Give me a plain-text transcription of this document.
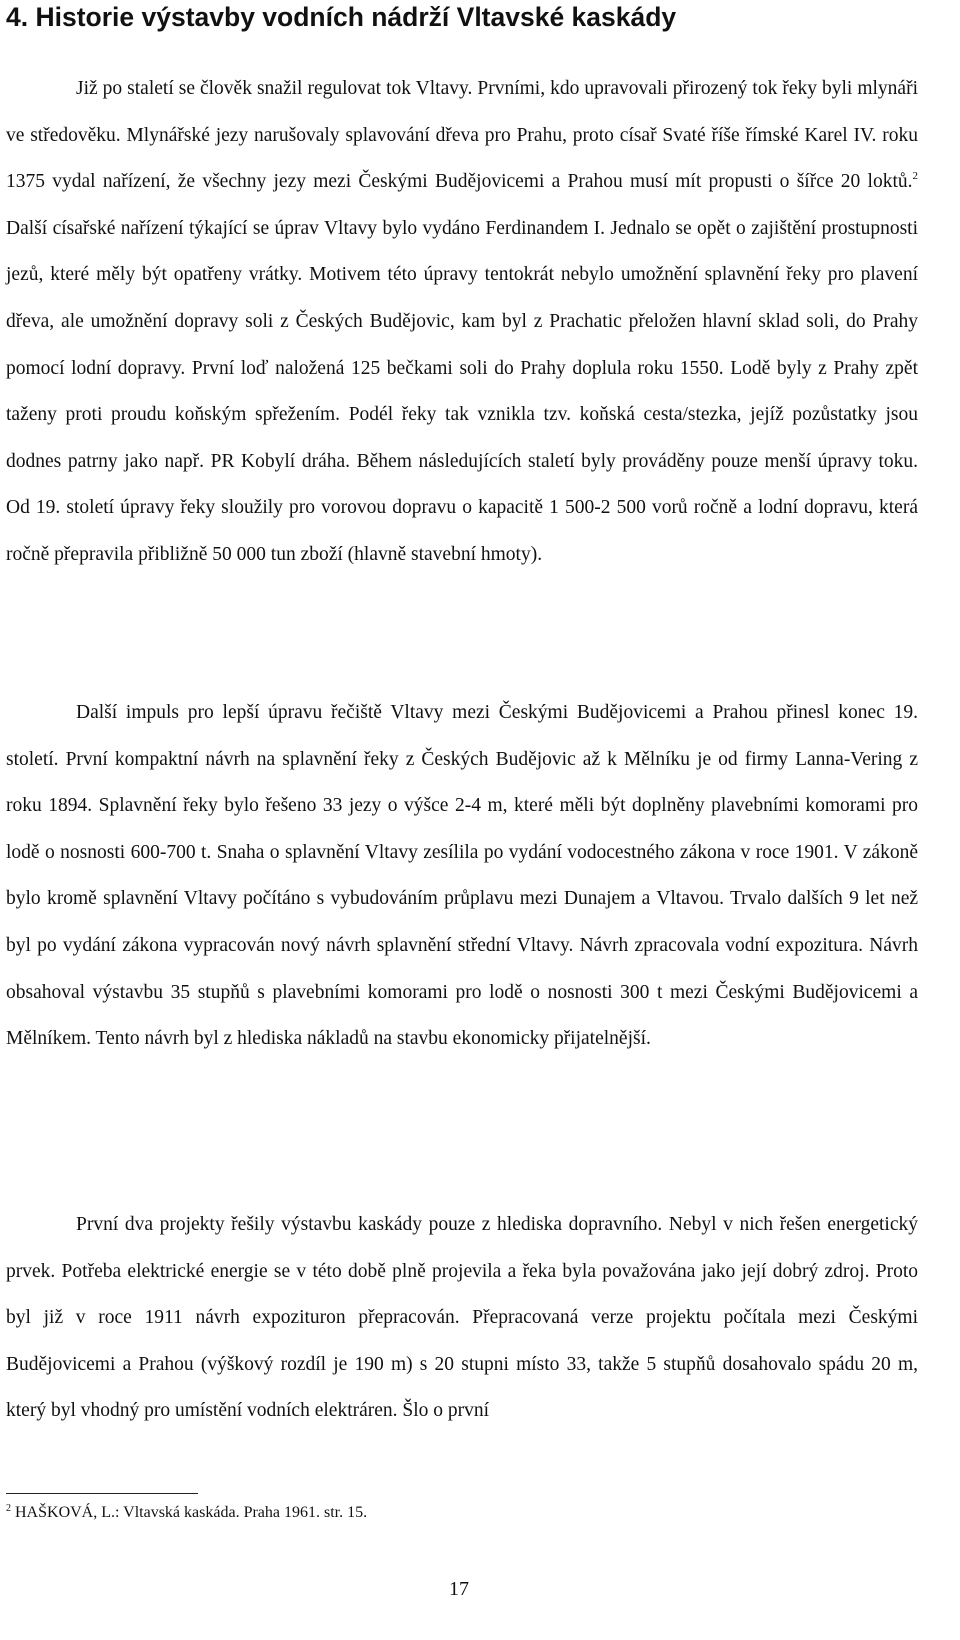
4. Historie výstavby vodních nádrží Vltavské kaskády

Již po staletí se člověk snažil regulovat tok Vltavy. Prvními, kdo upravovali přirozený tok řeky byli mlynáři ve středověku. Mlynářské jezy narušovaly splavování dřeva pro Prahu, proto císař Svaté říše římské Karel IV. roku 1375 vydal nařízení, že všechny jezy mezi Českými Budějovicemi a Prahou musí mít propusti o šířce 20 loktů.$^2$ Další císařské nařízení týkající se úprav Vltavy bylo vydáno Ferdinandem I. Jednalo se opět o zajištění prostupnosti jezů, které měly být opatřeny vrátky. Motivem této úpravy tentokrát nebylo umožnění splavnění řeky pro plavení dřeva, ale umožnění dopravy soli z Českých Budějovic, kam byl z Prachatic přeložen hlavní sklad soli, do Prahy pomocí lodní dopravy. První loď naložená 125 bečkami soli do Prahy doplula roku 1550. Lodě byly z Prahy zpět taženy proti proudu koňským spřežením. Podél řeky tak vznikla tzv. koňská cesta/stezka, jejíž pozůstatky jsou dodnes patrny jako např. PR Kobylí dráha. Během následujících staletí byly prováděny pouze menší úpravy toku. Od 19. století úpravy řeky sloužily pro vorovou dopravu o kapacitě 1 500-2 500 vorů ročně a lodní dopravu, která ročně přepravila přibližně 50 000 tun zboží (hlavně stavební hmoty).

Další impuls pro lepší úpravu řečiště Vltavy mezi Českými Budějovicemi a Prahou přinesl konec 19. století. První kompaktní návrh na splavnění řeky z Českých Budějovic až k Mělníku je od firmy Lanna-Vering z roku 1894. Splavnění řeky bylo řešeno 33 jezy o výšce 2-4 m, které měli být doplněny plavebními komorami pro lodě o nosnosti 600-700 t. Snaha o splavnění Vltavy zesílila po vydání vodocestného zákona v roce 1901. V zákoně bylo kromě splavnění Vltavy počítáno s vybudováním průplavu mezi Dunajem a Vltavou. Trvalo dalších 9 let než byl po vydání zákona vypracován nový návrh splavnění střední Vltavy. Návrh zpracovala vodní expozitura. Návrh obsahoval výstavbu 35 stupňů s plavebními komorami pro lodě o nosnosti 300 t mezi Českými Budějovicemi a Mělníkem. Tento návrh byl z hlediska nákladů na stavbu ekonomicky přijatelnější.

První dva projekty řešily výstavbu kaskády pouze z hlediska dopravního. Nebyl v nich řešen energetický prvek. Potřeba elektrické energie se v této době plně projevila a řeka byla považována jako její dobrý zdroj. Proto byl již v roce 1911 návrh expozituron přepracován. Přepracovaná verze projektu počítala mezi Českými Budějovicemi a Prahou (výškový rozdíl je 190 m) s 20 stupni místo 33, takže 5 stupňů dosahovalo spádu 20 m, který byl vhodný pro umístění vodních elektráren. Šlo o první

$^2$ HAŠKOVÁ, L.: Vltavská kaskáda. Praha 1961. str. 15.

17
